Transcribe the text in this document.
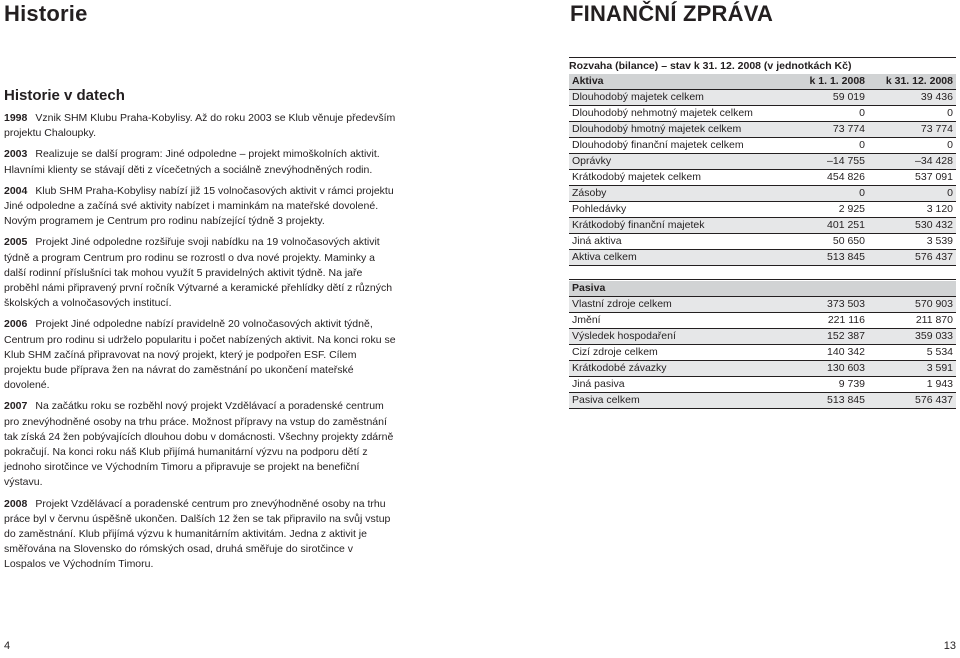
Historie
Historie v datech

1998 Vznik SHM Klubu Praha-Kobylisy. Až do roku 2003 se Klub věnuje především projektu Chaloupky.

2003 Realizuje se další program: Jiné odpoledne – projekt mimoškolních aktivit. Hlavními klienty se stávají děti z vícečetných a sociálně znevýhodněných rodin.

2004 Klub SHM Praha-Kobylisy nabízí již 15 volnočasových aktivit v rámci projektu Jiné odpoledne a začíná své aktivity nabízet i maminkám na mateřské dovolené. Novým programem je Centrum pro rodinu nabízející týdně 3 projekty.

2005 Projekt Jiné odpoledne rozšiřuje svoji nabídku na 19 volnočasových aktivit týdně a program Centrum pro rodinu se rozrostl o dva nové projekty. Maminky a další rodinní příslušníci tak mohou využít 5 pravidelných aktivit týdně. Na jaře proběhl námi připravený první ročník Výtvarné a keramické přehlídky dětí z různých školských a volnočasových institucí.

2006 Projekt Jiné odpoledne nabízí pravidelně 20 volnočasových aktivit týdně, Centrum pro rodinu si udrželo popularitu i počet nabízených aktivit. Na konci roku se Klub SHM začíná připravovat na nový projekt, který je podpořen ESF. Cílem projektu bude příprava žen na návrat do zaměstnání po ukončení mateřské dovolené.

2007 Na začátku roku se rozběhl nový projekt Vzdělávací a poradenské centrum pro znevýhodněné osoby na trhu práce. Možnost přípravy na vstup do zaměstnání tak získá 24 žen pobývajících dlouhou dobu v domácnosti. Všechny projekty zdárně pokračují. Na konci roku náš Klub přijímá humanitární výzvu na podporu dětí z jednoho sirotčince ve Východním Timoru a připravuje se projekt na benefiční výstavu.

2008 Projekt Vzdělávací a poradenské centrum pro znevýhodněné osoby na trhu práce byl v červnu úspěšně ukončen. Dalších 12 žen se tak připravilo na svůj vstup do zaměstnání. Klub přijímá výzvu k humanitárním aktivitám. Jedna z aktivit je směřována na Slovensko do rómských osad, druhá směřuje do sirotčince v Lospalos ve Východním Timoru.

4
FINANČNÍ ZPRÁVA
Rozvaha (bilance) – stav k 31. 12. 2008 (v jednotkách Kč)
Aktiva	k 1. 1. 2008	k 31. 12. 2008
Dlouhodobý majetek celkem	59 019	39 436
Dlouhodobý nehmotný majetek celkem	0	0
Dlouhodobý hmotný majetek celkem	73 774	73 774
Dlouhodobý finanční majetek celkem	0	0
Oprávky	–14 755	–34 428
Krátkodobý majetek celkem	454 826	537 091
Zásoby	0	0
Pohledávky	2 925	3 120
Krátkodobý finanční majetek	401 251	530 432
Jiná aktiva	50 650	3 539
Aktiva celkem	513 845	576 437
Pasiva		
Vlastní zdroje celkem	373 503	570 903
Jmění	221 116	211 870
Výsledek hospodaření	152 387	359 033
Cizí zdroje celkem	140 342	5 534
Krátkodobé závazky	130 603	3 591
Jiná pasiva	9 739	1 943
Pasiva celkem	513 845	576 437
13
